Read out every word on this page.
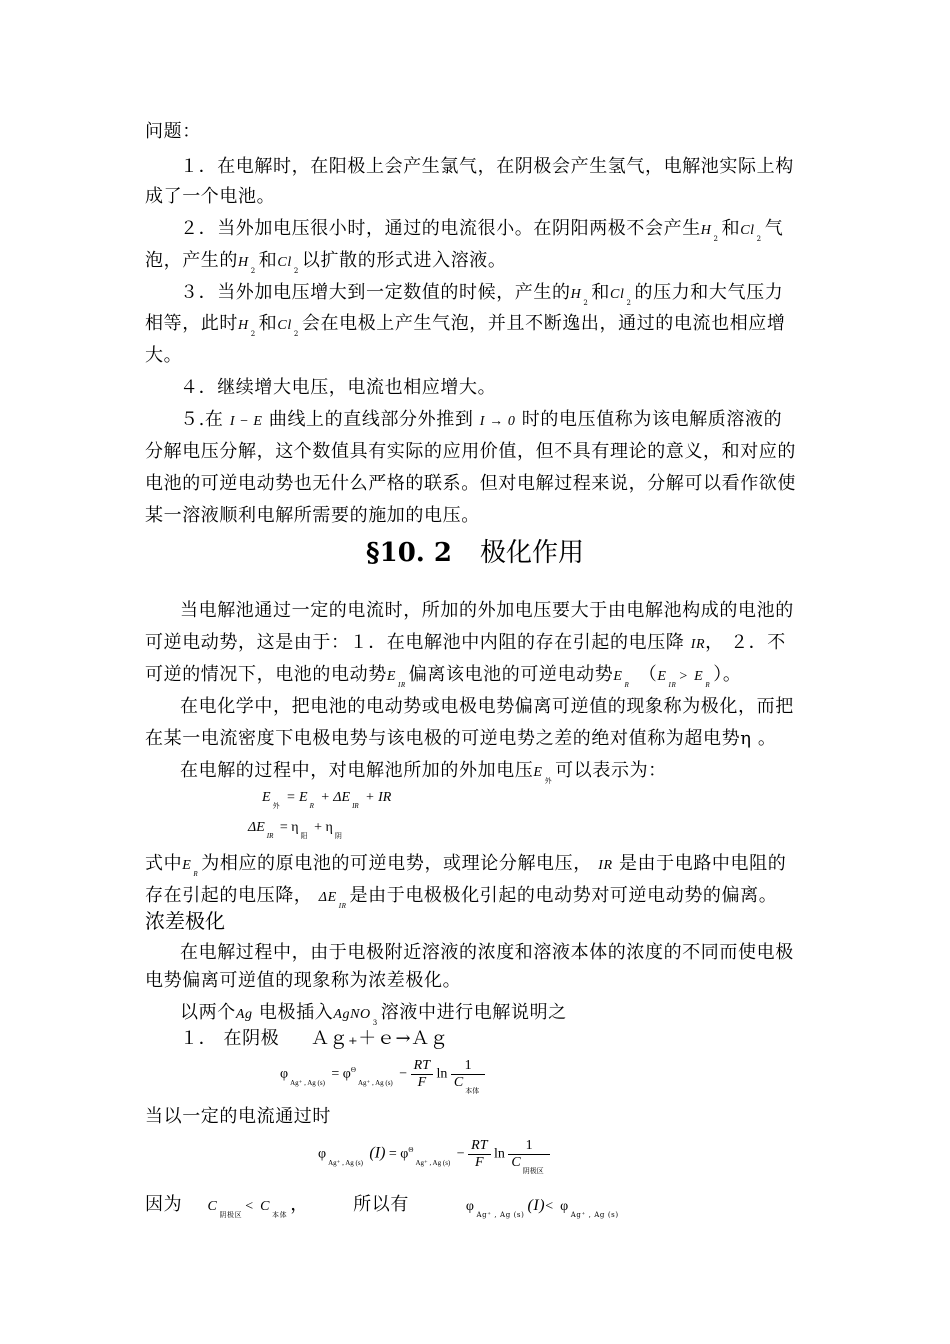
问题：
１．在电解时，在阳极上会产生氯气，在阴极会产生氢气，电解池实际上构
成了一个电池。
２．当外加电压很小时，通过的电流很小。在阴阳两极不会产生$H_2$ 和$Cl_2$ 气
泡，产生的$H_2$ 和$Cl_2$ 以扩散的形式进入溶液。
３．当外加电压增大到一定数值的时候，产生的$H_2$ 和$Cl_2$ 的压力和大气压力
相等，此时$H_2$ 和$Cl_2$ 会在电极上产生气泡，并且不断逸出，通过的电流也相应增
大。
４．继续增大电压，电流也相应增大。
５.在 I − E 曲线上的直线部分外推到 I → 0 时的电压值称为该电解质溶液的
分解电压分解，这个数值具有实际的应用价值，但不具有理论的意义，和对应的
电池的可逆电动势也无什么严格的联系。但对电解过程来说，分解可以看作欲使
某一溶液顺利电解所需要的施加的电压。
§10. 2 极化作用
当电解池通过一定的电流时，所加的外加电压要大于由电解池构成的电池的
可逆电动势，这是由于：１．在电解池中内阻的存在引起的电压降 IR， ２．不
可逆的情况下，电池的电动势$E_{IR}$ 偏离该电池的可逆电动势$E_R$ （$E_{IR}> E_R$ ）。
在电化学中，把电池的电动势或电极电势偏离可逆值的现象称为极化，而把
在某一电流密度下电极电势与该电极的可逆电势之差的绝对值称为超电势η 。
在电解的过程中，对电解池所加的外加电压$E_外$ 可以表示为：
$E_外 = E_R + \Delta E_{IR}$ + IR
$\Delta E_{IR} = \eta_阳 + \eta_阴$
式中$E_R$ 为相应的原电池的可逆电势，或理论分解电压， IR 是由于电路中电阻的
存在引起的电压降， $\Delta E_{IR}$ 是由于电极极化引起的电动势对可逆电动势的偏离。
浓差极化
在电解过程中，由于电极附近溶液的浓度和溶液本体的浓度的不同而使电极
电势偏离可逆值的现象称为浓差极化。
以两个Ag 电极插入AgNO$_3$ 溶液中进行电解说明之
１． 在阴极 Ａｇ₊＋ｅ→Ａｇ
$\varphi_{Ag^+ , Ag (s)} = \varphi^\Theta_{Ag^+ , Ag (s)} - \frac{RT}{F}$ $\ln \frac{1}{C_{本体}}$
当以一定的电流通过时
$\varphi_{Ag^+ , Ag (s)}$ $(I) = \varphi^\Theta_{Ag^+ , Ag (s)} - \frac{RT}{F}$ $\ln \frac{1}{C_{阴极区}}$
因为 $C_{阴极区}< C_{本体}$ ， 所以有	$\varphi_{Ag^+ , Ag (s)}(I)< \varphi_{Ag^+ , Ag (s)}$
